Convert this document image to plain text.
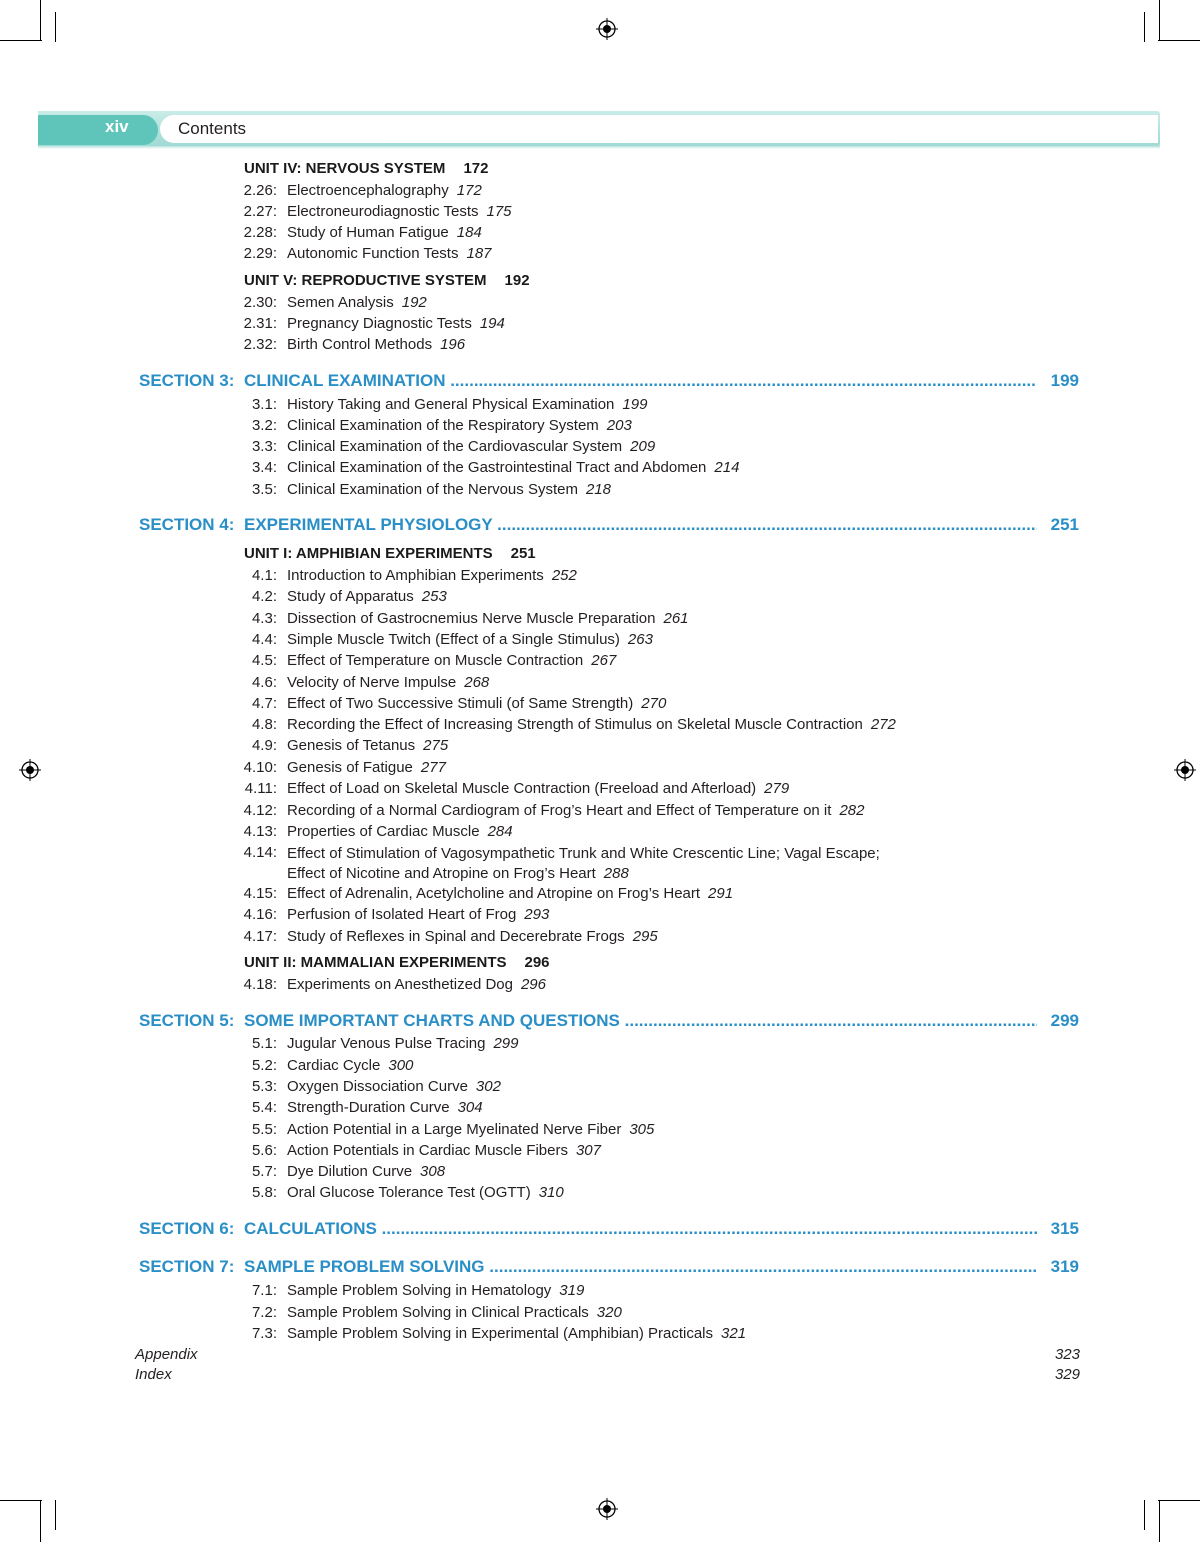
xiv	Contents
UNIT IV: NERVOUS SYSTEM 172
2.26: Electroencephalography 172
2.27: Electroneurodiagnostic Tests 175
2.28: Study of Human Fatigue 184
2.29: Autonomic Function Tests 187
UNIT V: REPRODUCTIVE SYSTEM 192
2.30: Semen Analysis 192
2.31: Pregnancy Diagnostic Tests 194
2.32: Birth Control Methods 196
SECTION 3: CLINICAL EXAMINATION .....	199
3.1: History Taking and General Physical Examination 199
3.2: Clinical Examination of the Respiratory System 203
3.3: Clinical Examination of the Cardiovascular System 209
3.4: Clinical Examination of the Gastrointestinal Tract and Abdomen 214
3.5: Clinical Examination of the Nervous System 218
SECTION 4: EXPERIMENTAL PHYSIOLOGY .....	251
UNIT I: AMPHIBIAN EXPERIMENTS 251
4.1: Introduction to Amphibian Experiments 252
4.2: Study of Apparatus 253
4.3: Dissection of Gastrocnemius Nerve Muscle Preparation 261
4.4: Simple Muscle Twitch (Effect of a Single Stimulus) 263
4.5: Effect of Temperature on Muscle Contraction 267
4.6: Velocity of Nerve Impulse 268
4.7: Effect of Two Successive Stimuli (of Same Strength) 270
4.8: Recording the Effect of Increasing Strength of Stimulus on Skeletal Muscle Contraction 272
4.9: Genesis of Tetanus 275
4.10: Genesis of Fatigue 277
4.11: Effect of Load on Skeletal Muscle Contraction (Freeload and Afterload) 279
4.12: Recording of a Normal Cardiogram of Frog’s Heart and Effect of Temperature on it 282
4.13: Properties of Cardiac Muscle 284
4.14: Effect of Stimulation of Vagosympathetic Trunk and White Crescentic Line; Vagal Escape;
Effect of Nicotine and Atropine on Frog’s Heart 288
4.15: Effect of Adrenalin, Acetylcholine and Atropine on Frog’s Heart 291
4.16: Perfusion of Isolated Heart of Frog 293
4.17: Study of Reflexes in Spinal and Decerebrate Frogs 295
UNIT II: MAMMALIAN EXPERIMENTS 296
4.18: Experiments on Anesthetized Dog 296
SECTION 5: SOME IMPORTANT CHARTS AND QUESTIONS .....	299
5.1: Jugular Venous Pulse Tracing 299
5.2: Cardiac Cycle 300
5.3: Oxygen Dissociation Curve 302
5.4: Strength-Duration Curve 304
5.5: Action Potential in a Large Myelinated Nerve Fiber 305
5.6: Action Potentials in Cardiac Muscle Fibers 307
5.7: Dye Dilution Curve 308
5.8: Oral Glucose Tolerance Test (OGTT) 310
SECTION 6: CALCULATIONS .....	315
SECTION 7: SAMPLE PROBLEM SOLVING .....	319
7.1: Sample Problem Solving in Hematology 319
7.2: Sample Problem Solving in Clinical Practicals 320
7.3: Sample Problem Solving in Experimental (Amphibian) Practicals 321
Appendix	323
Index	329
